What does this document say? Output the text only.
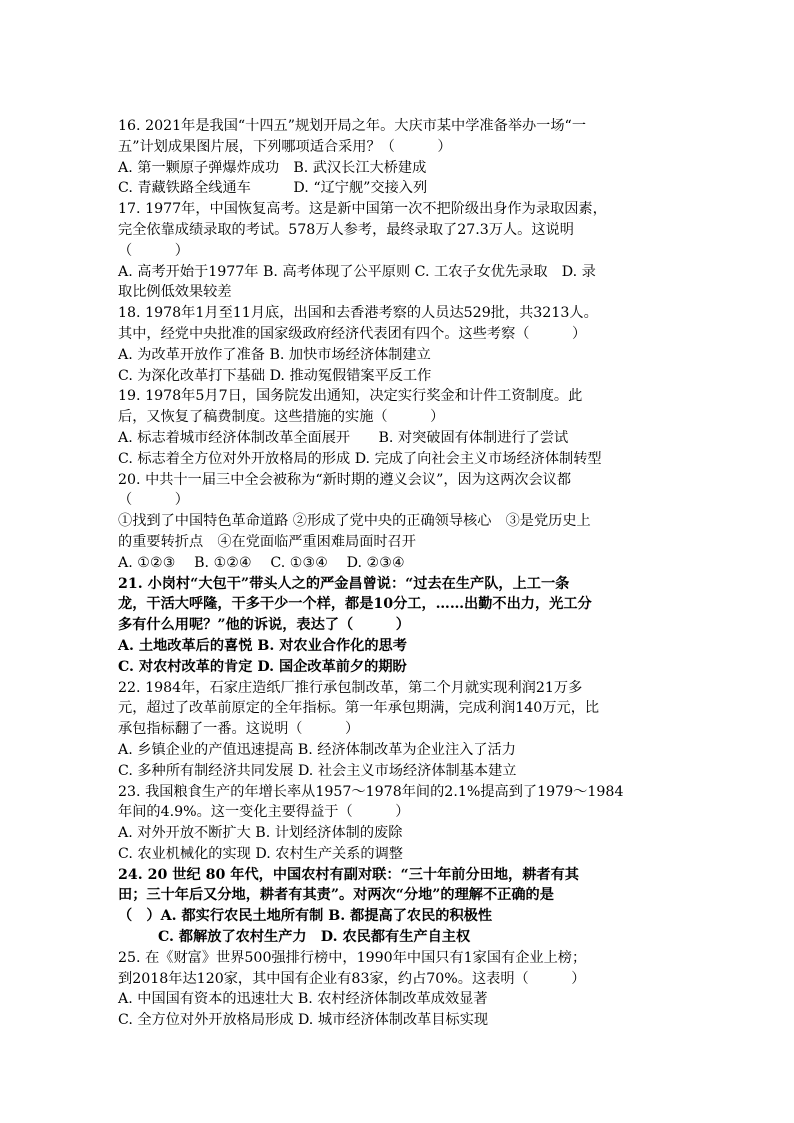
16. 2021年是我国“十四五”规划开局之年。大庆市某中学准备举办一场“一
五”计划成果图片展，下列哪项适合采用？（　　　）
A. 第一颗原子弹爆炸成功　B. 武汉长江大桥建成
C. 青藏铁路全线通车　　　D. “辽宁舰”交接入列
17. 1977年，中国恢复高考。这是新中国第一次不把阶级出身作为录取因素，
完全依靠成绩录取的考试。578万人参考，最终录取了27.3万人。这说明
（　　　）
A. 高考开始于1977年 B. 高考体现了公平原则 C. 工农子女优先录取　D. 录
取比例低效果较差
18. 1978年1月至11月底，出国和去香港考察的人员达529批，共3213人。
其中，经党中央批准的国家级政府经济代表团有四个。这些考察（　　　）
A. 为改革开放作了准备 B. 加快市场经济体制建立
C. 为深化改革打下基础 D. 推动冤假错案平反工作
19. 1978年5月7日，国务院发出通知，决定实行奖金和计件工资制度。此
后，又恢复了稿费制度。这些措施的实施（　　　）
A. 标志着城市经济体制改革全面展开　　B. 对突破固有体制进行了尝试
C. 标志着全方位对外开放格局的形成 D. 完成了向社会主义市场经济体制转型
20. 中共十一届三中全会被称为“新时期的遵义会议”，因为这两次会议都
（　　　）
①找到了中国特色革命道路 ②形成了党中央的正确领导核心　③是党历史上
的重要转折点　④在党面临严重困难局面时召开
A. ①②③　 B. ①②④　 C. ①③④　 D. ②③④
21. 小岗村“大包干”带头人之的严金昌曾说：“过去在生产队，上工一条
龙，干活大呼隆，干多干少一个样，都是10分工，……出勤不出力，光工分
多有什么用呢？”他的诉说，表达了（　　　）
A. 土地改革后的喜悦 B. 对农业合作化的思考
C. 对农村改革的肯定 D. 国企改革前夕的期盼
22. 1984年，石家庄造纸厂推行承包制改革，第二个月就实现利润21万多
元，超过了改革前原定的全年指标。第一年承包期满，完成利润140万元，比
承包指标翻了一番。这说明（　　　）
A. 乡镇企业的产值迅速提高 B. 经济体制改革为企业注入了活力
C. 多种所有制经济共同发展 D. 社会主义市场经济体制基本建立
23. 我国粮食生产的年增长率从1957～1978年间的2.1%提高到了1979～1984
年间的4.9%。这一变化主要得益于（　　　）
A. 对外开放不断扩大 B. 计划经济体制的废除
C. 农业机械化的实现 D. 农村生产关系的调整
24. 20 世纪 80 年代，中国农村有副对联：“三十年前分田地，耕者有其
田；三十年后又分地，耕者有其责”。对两次“分地”的理解不正确的是
（　）A. 都实行农民土地所有制 B. 都提高了农民的积极性
C. 都解放了农村生产力　D. 农民都有生产自主权
25. 在《财富》世界500强排行榜中，1990年中国只有1家国有企业上榜；
到2018年达120家，其中国有企业有83家，约占70%。这表明（　　　）
A. 中国国有资本的迅速壮大 B. 农村经济体制改革成效显著
C. 全方位对外开放格局形成 D. 城市经济体制改革目标实现
